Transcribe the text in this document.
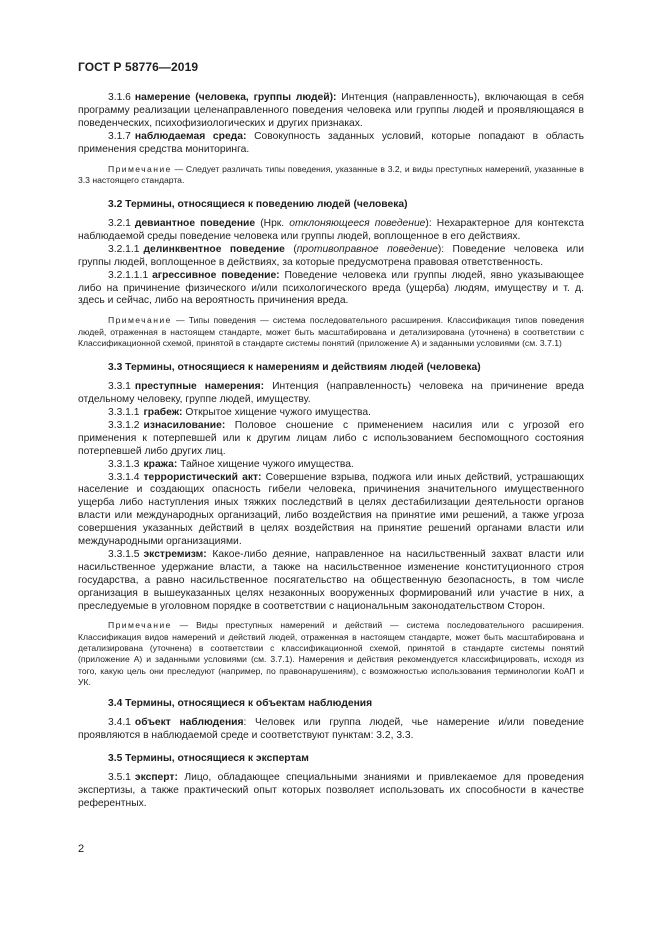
ГОСТ Р 58776—2019

3.1.6 намерение (человека, группы людей): Интенция (направленность), включающая в себя программу реализации целенаправленного поведения человека или группы людей и проявляющаяся в поведенческих, психофизиологических и других признаках.

3.1.7 наблюдаемая среда: Совокупность заданных условий, которые попадают в область применения средства мониторинга.

Примечание — Следует различать типы поведения, указанные в 3.2, и виды преступных намерений, указанные в 3.3 настоящего стандарта.

3.2 Термины, относящиеся к поведению людей (человека)

3.2.1 девиантное поведение (Нрк. отклоняющееся поведение): Нехарактерное для контекста наблюдаемой среды поведение человека или группы людей, воплощенное в его действиях.

3.2.1.1 делинквентное поведение (противоправное поведение): Поведение человека или группы людей, воплощенное в действиях, за которые предусмотрена правовая ответственность.

3.2.1.1.1 агрессивное поведение: Поведение человека или группы людей, явно указывающее либо на причинение физического и/или психологического вреда (ущерба) людям, имуществу и т. д. здесь и сейчас, либо на вероятность причинения вреда.

Примечание — Типы поведения — система последовательного расширения. Классификация типов поведения людей, отраженная в настоящем стандарте, может быть масштабирована и детализирована (уточнена) в соответствии с Классификационной схемой, принятой в стандарте системы понятий (приложение А) и заданными условиями (см. 3.7.1)

3.3 Термины, относящиеся к намерениям и действиям людей (человека)

3.3.1 преступные намерения: Интенция (направленность) человека на причинение вреда отдельному человеку, группе людей, имуществу.

3.3.1.1 грабеж: Открытое хищение чужого имущества.

3.3.1.2 изнасилование: Половое сношение с применением насилия или с угрозой его применения к потерпевшей или к другим лицам либо с использованием беспомощного состояния потерпевшей либо других лиц.

3.3.1.3 кража: Тайное хищение чужого имущества.

3.3.1.4 террористический акт: Совершение взрыва, поджога или иных действий, устрашающих население и создающих опасность гибели человека, причинения значительного имущественного ущерба либо наступления иных тяжких последствий в целях дестабилизации деятельности органов власти или международных организаций, либо воздействия на принятие ими решений, а также угроза совершения указанных действий в целях воздействия на принятие решений органами власти или международными организациями.

3.3.1.5 экстремизм: Какое-либо деяние, направленное на насильственный захват власти или насильственное удержание власти, а также на насильственное изменение конституционного строя государства, а равно насильственное посягательство на общественную безопасность, в том числе организация в вышеуказанных целях незаконных вооруженных формирований или участие в них, а преследуемые в уголовном порядке в соответствии с национальным законодательством Сторон.

Примечание — Виды преступных намерений и действий — система последовательного расширения. Классификация видов намерений и действий людей, отраженная в настоящем стандарте, может быть масштабирована и детализирована (уточнена) в соответствии с классификационной схемой, принятой в стандарте системы понятий (приложение А) и заданными условиями (см. 3.7.1). Намерения и действия рекомендуется классифицировать, исходя из того, какую цель они преследуют (например, по правонарушениям), с возможностью использования терминологии КоАП и УК.

3.4 Термины, относящиеся к объектам наблюдения

3.4.1 объект наблюдения: Человек или группа людей, чье намерение и/или поведение проявляются в наблюдаемой среде и соответствуют пунктам: 3.2, 3.3.

3.5 Термины, относящиеся к экспертам

3.5.1 эксперт: Лицо, обладающее специальными знаниями и привлекаемое для проведения экспертизы, а также практический опыт которых позволяет использовать их способности в качестве референтных.

2
